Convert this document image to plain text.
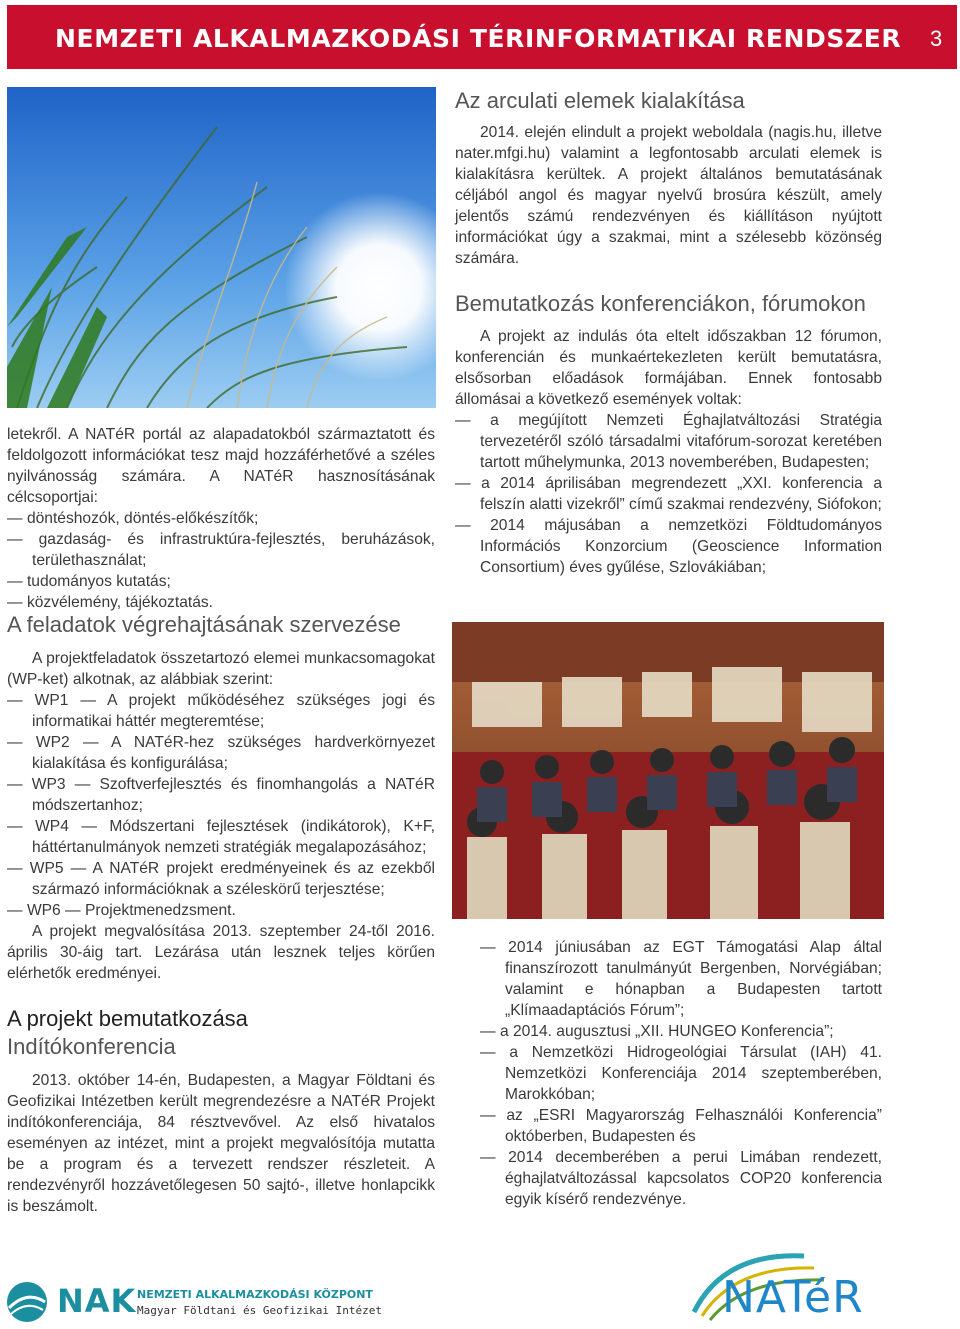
NEMZETI ALKALMAZKODÁSI TÉRINFORMATIKAI RENDSZER 3

letekről. A NATéR portál az alapadatokból származtatott és feldolgozott információkat tesz majd hozzáférhetővé a széles nyilvánosság számára. A NATéR hasznosításának célcsoportjai:

— döntéshozók, döntés-előkészítők;

— gazdaság- és infrastruktúra-fejlesztés, beruházások, területhasználat;

— tudományos kutatás;

— közvélemény, tájékoztatás.

A feladatok végrehajtásának szervezése

A projektfeladatok összetartozó elemei munkacsomagokat (WP-ket) alkotnak, az alábbiak szerint:

— WP1 — A projekt működéséhez szükséges jogi és informatikai háttér megteremtése;

— WP2 — A NATéR-hez szükséges hardverkörnyezet kialakítása és konfigurálása;

— WP3 — Szoftverfejlesztés és finomhangolás a NATéR módszertanhoz;

— WP4 — Módszertani fejlesztések (indikátorok), K+F, háttértanulmányok nemzeti stratégiák megalapozásához;

— WP5 — A NATéR projekt eredményeinek és az ezekből származó információknak a széleskörű terjesztése;

— WP6 — Projektmenedzsment.

A projekt megvalósítása 2013. szeptember 24-től 2016. április 30-áig tart. Lezárása után lesznek teljes körűen elérhetők eredményei.

A projekt bemutatkozása
Indítókonferencia

2013. október 14-én, Budapesten, a Magyar Földtani és Geofizikai Intézetben került megrendezésre a NATéR Projekt indítókonferenciája, 84 résztvevővel. Az első hivatalos eseményen az intézet, mint a projekt megvalósítója mutatta be a program és a tervezett rendszer részleteit. A rendezvényről hozzávetőlegesen 50 sajtó-, illetve honlapcikk is beszámolt.

Az arculati elemek kialakítása

2014. elején elindult a projekt weboldala (nagis.hu, illetve nater.mfgi.hu) valamint a legfontosabb arculati elemek is kialakításra kerültek. A projekt általános bemutatásának céljából angol és magyar nyelvű brosúra készült, amely jelentős számú rendezvényen és kiállításon nyújtott információkat úgy a szakmai, mint a szélesebb közönség számára.

Bemutatkozás konferenciákon, fórumokon

A projekt az indulás óta eltelt időszakban 12 fórumon, konferencián és munkaértekezleten került bemutatásra, elsősorban előadások formájában. Ennek fontosabb állomásai a következő események voltak:

— a megújított Nemzeti Éghajlatváltozási Stratégia tervezetéről szóló társadalmi vitafórum-sorozat keretében tartott műhelymunka, 2013 novemberében, Budapesten;

— a 2014 áprilisában megrendezett „XXI. konferencia a felszín alatti vizekről” című szakmai rendezvény, Siófokon;

— 2014 májusában a nemzetközi Földtudományos Információs Konzorcium (Geoscience Information Consortium) éves gyűlése, Szlovákiában;

— 2014 júniusában az EGT Támogatási Alap által finanszírozott tanulmányút Bergenben, Norvégiában; valamint e hónapban a Budapesten tartott „Klímaadaptációs Fórum”;

— a 2014. augusztusi „XII. HUNGEO Konferencia”;

— a Nemzetközi Hidrogeológiai Társulat (IAH) 41. Nemzetközi Konferenciája 2014 szeptemberében, Marokkóban;

— az „ESRI Magyarország Felhasználói Konferencia” októberben, Budapesten és

— 2014 decemberében a perui Limában rendezett, éghajlatváltozással kapcsolatos COP20 konferencia egyik kísérő rendezvénye.

NAK NEMZETI ALKALMAZKODÁSI KÖZPONT
Magyar Földtani és Geofizikai Intézet	NATéR
